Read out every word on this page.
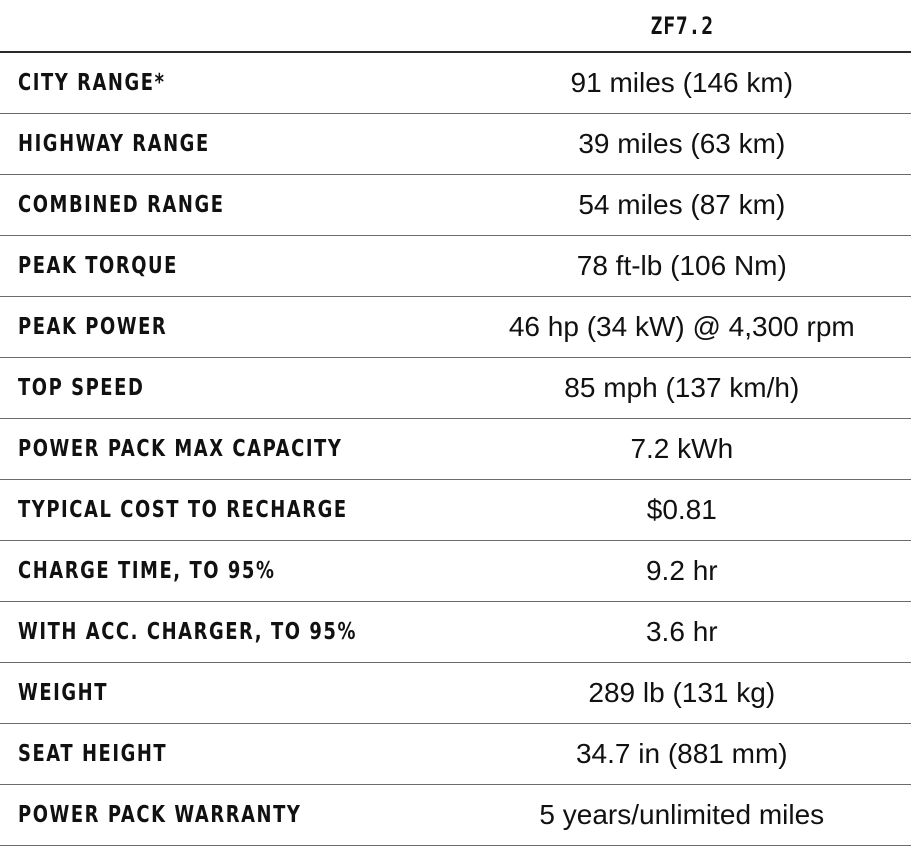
	ZF7.2

CITY RANGE*	91 miles (146 km)
HIGHWAY RANGE	39 miles (63 km)
COMBINED RANGE	54 miles (87 km)
PEAK TORQUE	78 ft-lb (106 Nm)
PEAK POWER	46 hp (34 kW) @ 4,300 rpm
TOP SPEED	85 mph (137 km/h)
POWER PACK MAX CAPACITY	7.2 kWh
TYPICAL COST TO RECHARGE	$0.81
CHARGE TIME, TO 95%	9.2 hr
WITH ACC. CHARGER, TO 95%	3.6 hr
WEIGHT	289 lb (131 kg)
SEAT HEIGHT	34.7 in (881 mm)
POWER PACK WARRANTY	5 years/unlimited miles
